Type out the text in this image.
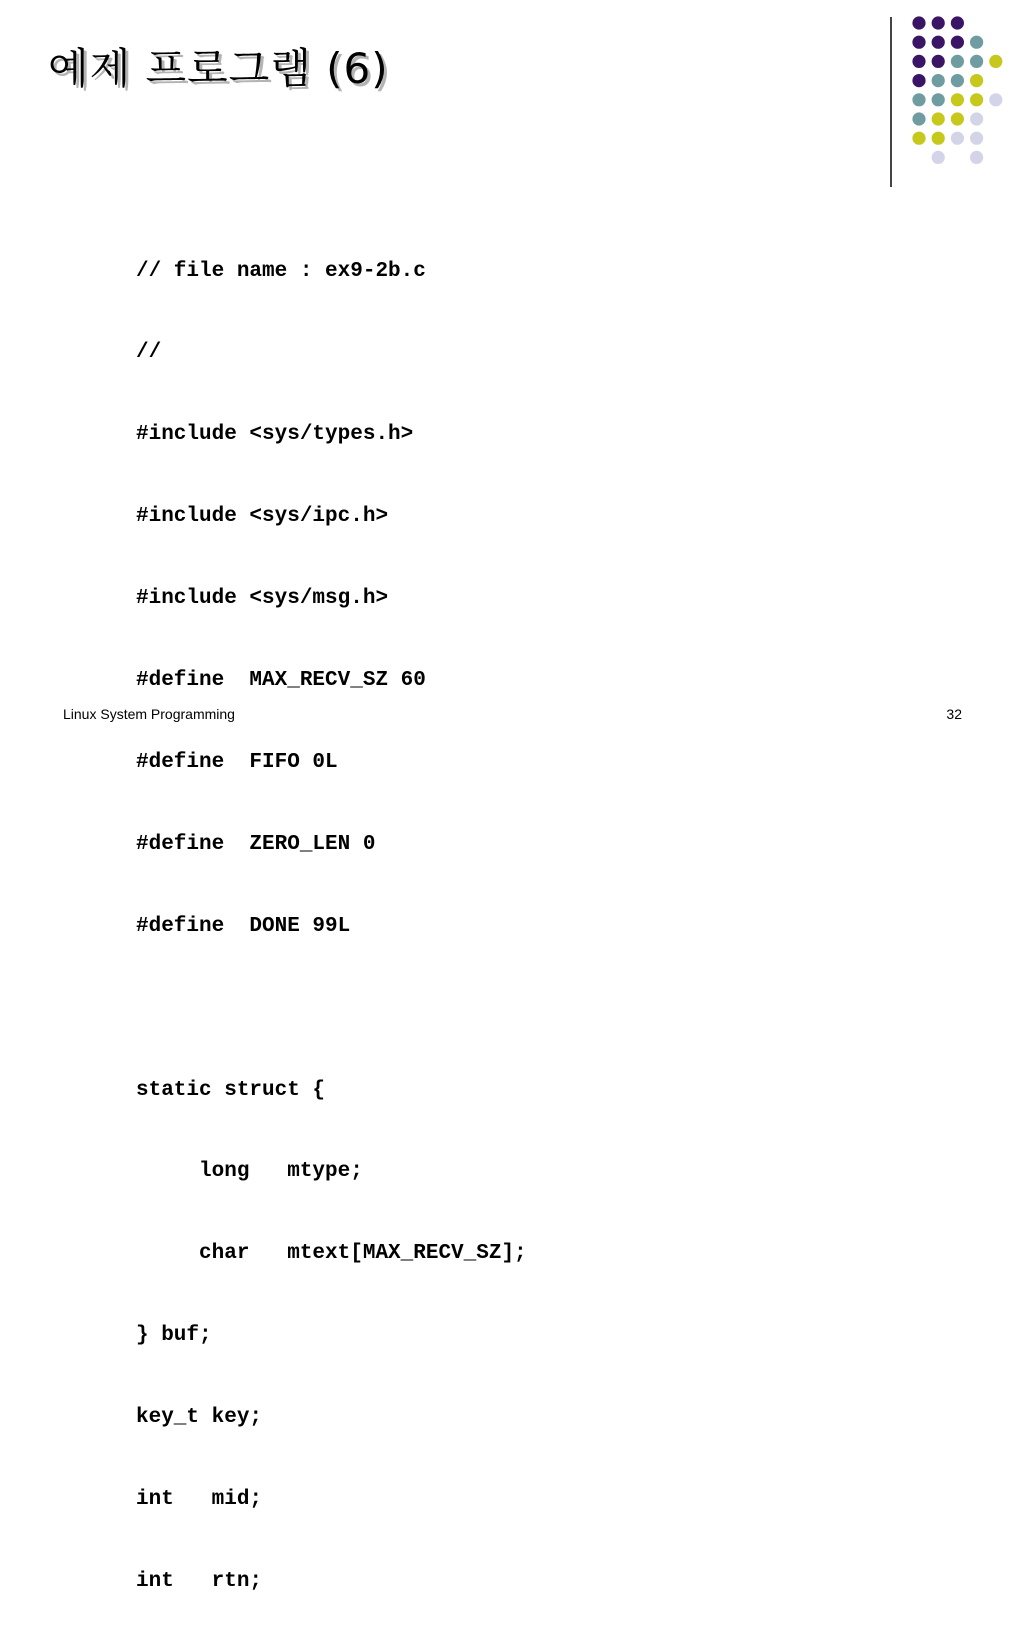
예제 프로그램 (6)

// file name : ex9-2b.c

//

#include <sys/types.h>

#include <sys/ipc.h>

#include <sys/msg.h>

#define  MAX_RECV_SZ 60

#define  FIFO 0L

#define  ZERO_LEN 0

#define  DONE 99L

static struct {

long   mtype;

char   mtext[MAX_RECV_SZ];

} buf;

key_t key;

int   mid;

int   rtn;

Linux System Programming	32
